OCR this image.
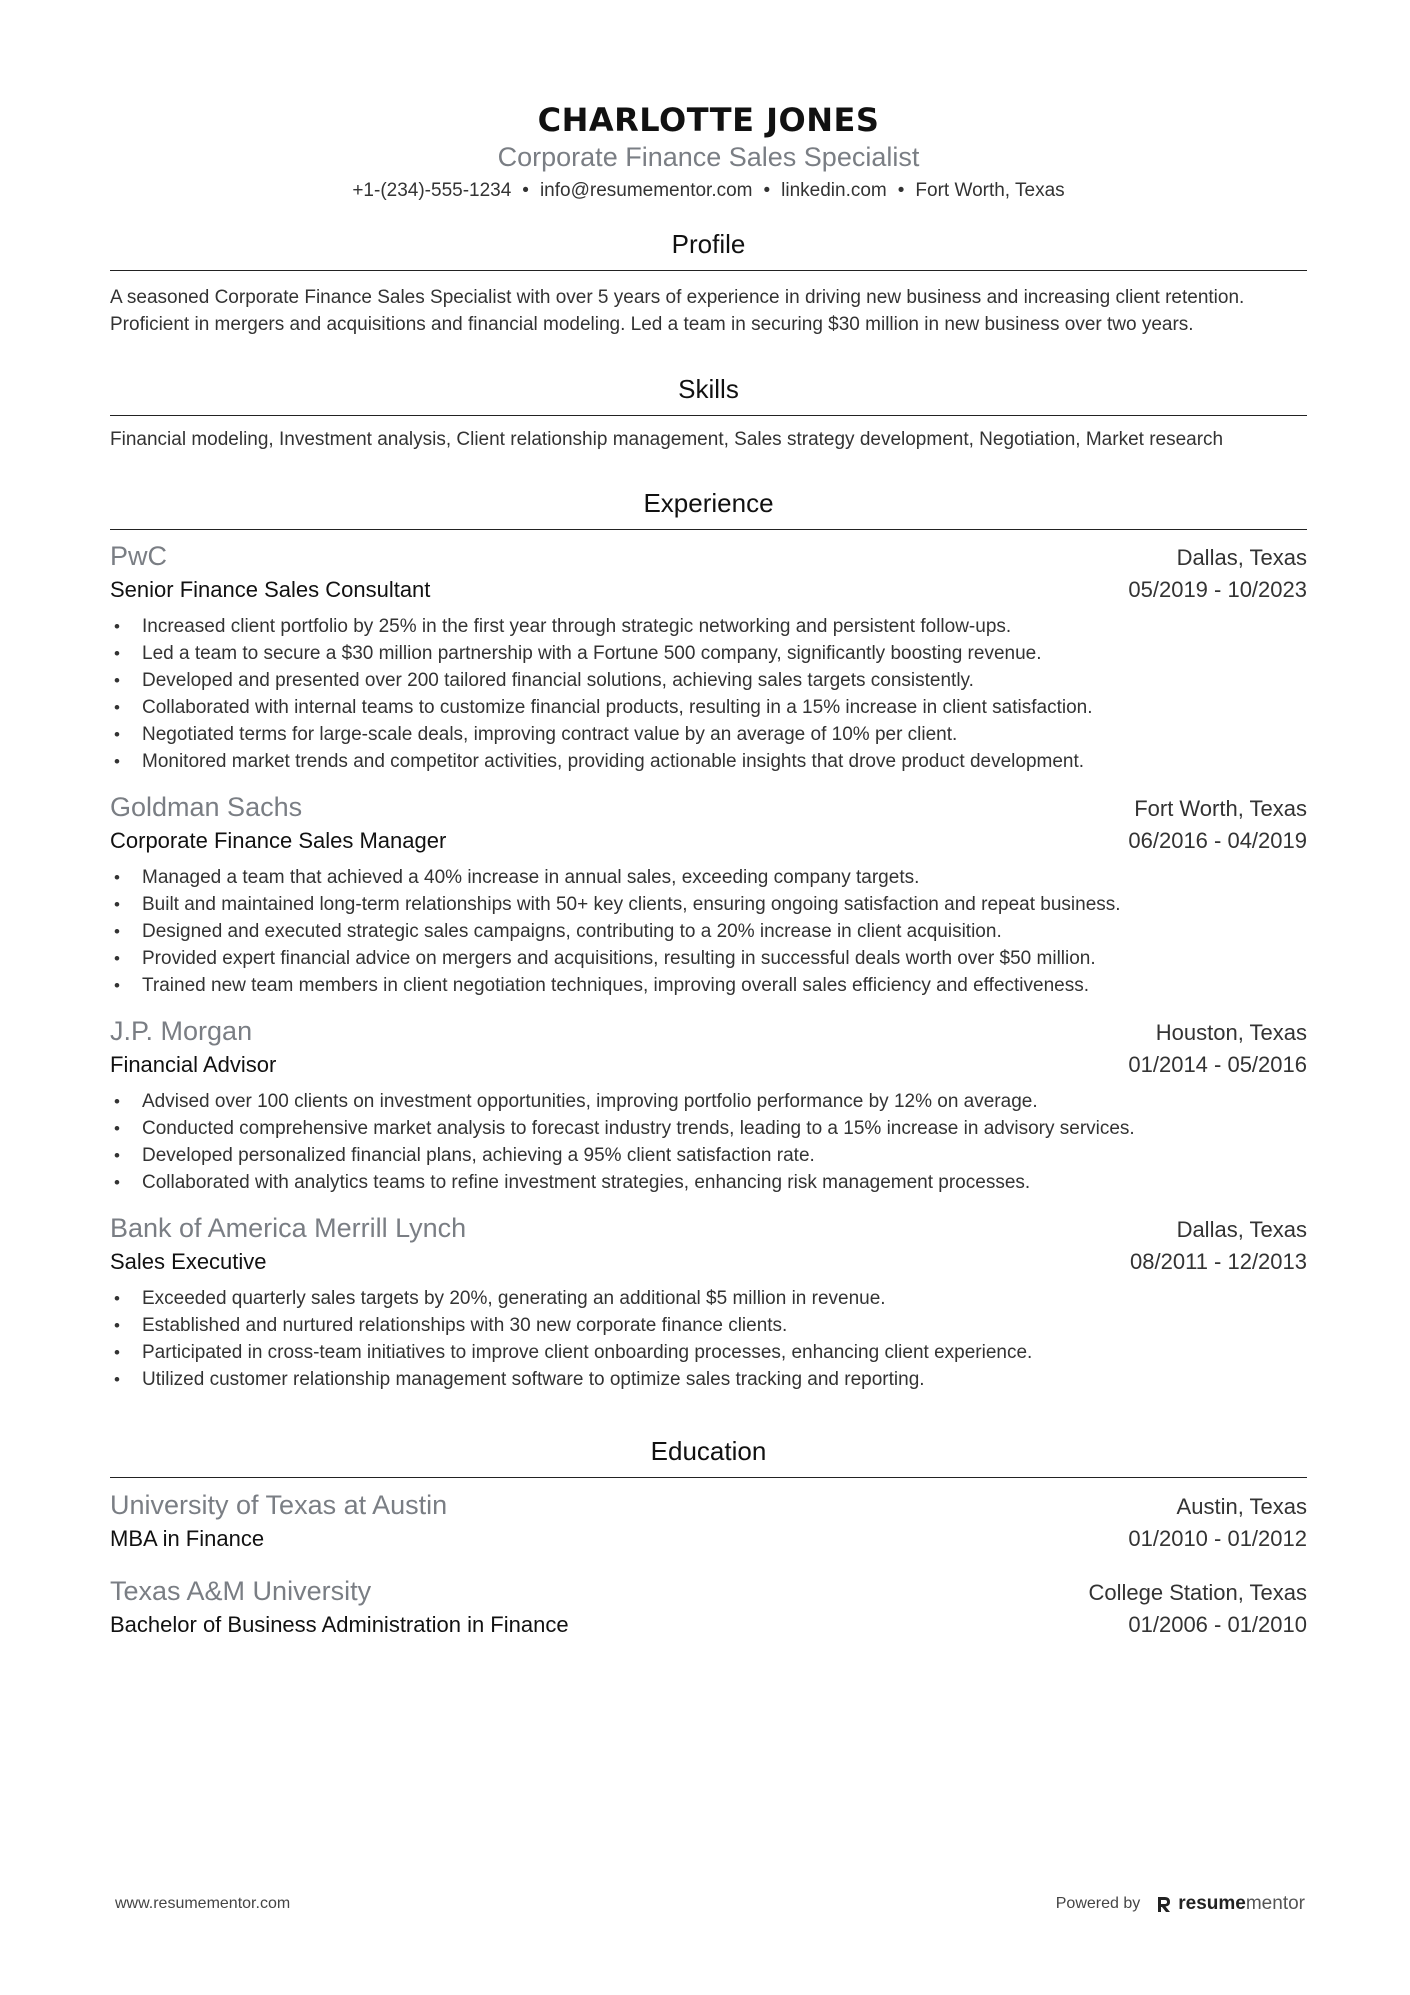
CHARLOTTE JONES
Corporate Finance Sales Specialist
+1-(234)-555-1234 • info@resumementor.com • linkedin.com • Fort Worth, Texas
Profile
A seasoned Corporate Finance Sales Specialist with over 5 years of experience in driving new business and increasing client retention. Proficient in mergers and acquisitions and financial modeling. Led a team in securing $30 million in new business over two years.
Skills
Financial modeling, Investment analysis, Client relationship management, Sales strategy development, Negotiation, Market research
Experience
PwC	Dallas, Texas
Senior Finance Sales Consultant	05/2019 - 10/2023
• Increased client portfolio by 25% in the first year through strategic networking and persistent follow-ups.
• Led a team to secure a $30 million partnership with a Fortune 500 company, significantly boosting revenue.
• Developed and presented over 200 tailored financial solutions, achieving sales targets consistently.
• Collaborated with internal teams to customize financial products, resulting in a 15% increase in client satisfaction.
• Negotiated terms for large-scale deals, improving contract value by an average of 10% per client.
• Monitored market trends and competitor activities, providing actionable insights that drove product development.
Goldman Sachs	Fort Worth, Texas
Corporate Finance Sales Manager	06/2016 - 04/2019
• Managed a team that achieved a 40% increase in annual sales, exceeding company targets.
• Built and maintained long-term relationships with 50+ key clients, ensuring ongoing satisfaction and repeat business.
• Designed and executed strategic sales campaigns, contributing to a 20% increase in client acquisition.
• Provided expert financial advice on mergers and acquisitions, resulting in successful deals worth over $50 million.
• Trained new team members in client negotiation techniques, improving overall sales efficiency and effectiveness.
J.P. Morgan	Houston, Texas
Financial Advisor	01/2014 - 05/2016
• Advised over 100 clients on investment opportunities, improving portfolio performance by 12% on average.
• Conducted comprehensive market analysis to forecast industry trends, leading to a 15% increase in advisory services.
• Developed personalized financial plans, achieving a 95% client satisfaction rate.
• Collaborated with analytics teams to refine investment strategies, enhancing risk management processes.
Bank of America Merrill Lynch	Dallas, Texas
Sales Executive	08/2011 - 12/2013
• Exceeded quarterly sales targets by 20%, generating an additional $5 million in revenue.
• Established and nurtured relationships with 30 new corporate finance clients.
• Participated in cross-team initiatives to improve client onboarding processes, enhancing client experience.
• Utilized customer relationship management software to optimize sales tracking and reporting.
Education
University of Texas at Austin	Austin, Texas
MBA in Finance	01/2010 - 01/2012
Texas A&M University	College Station, Texas
Bachelor of Business Administration in Finance	01/2006 - 01/2010
www.resumementor.com	Powered by resumementor
